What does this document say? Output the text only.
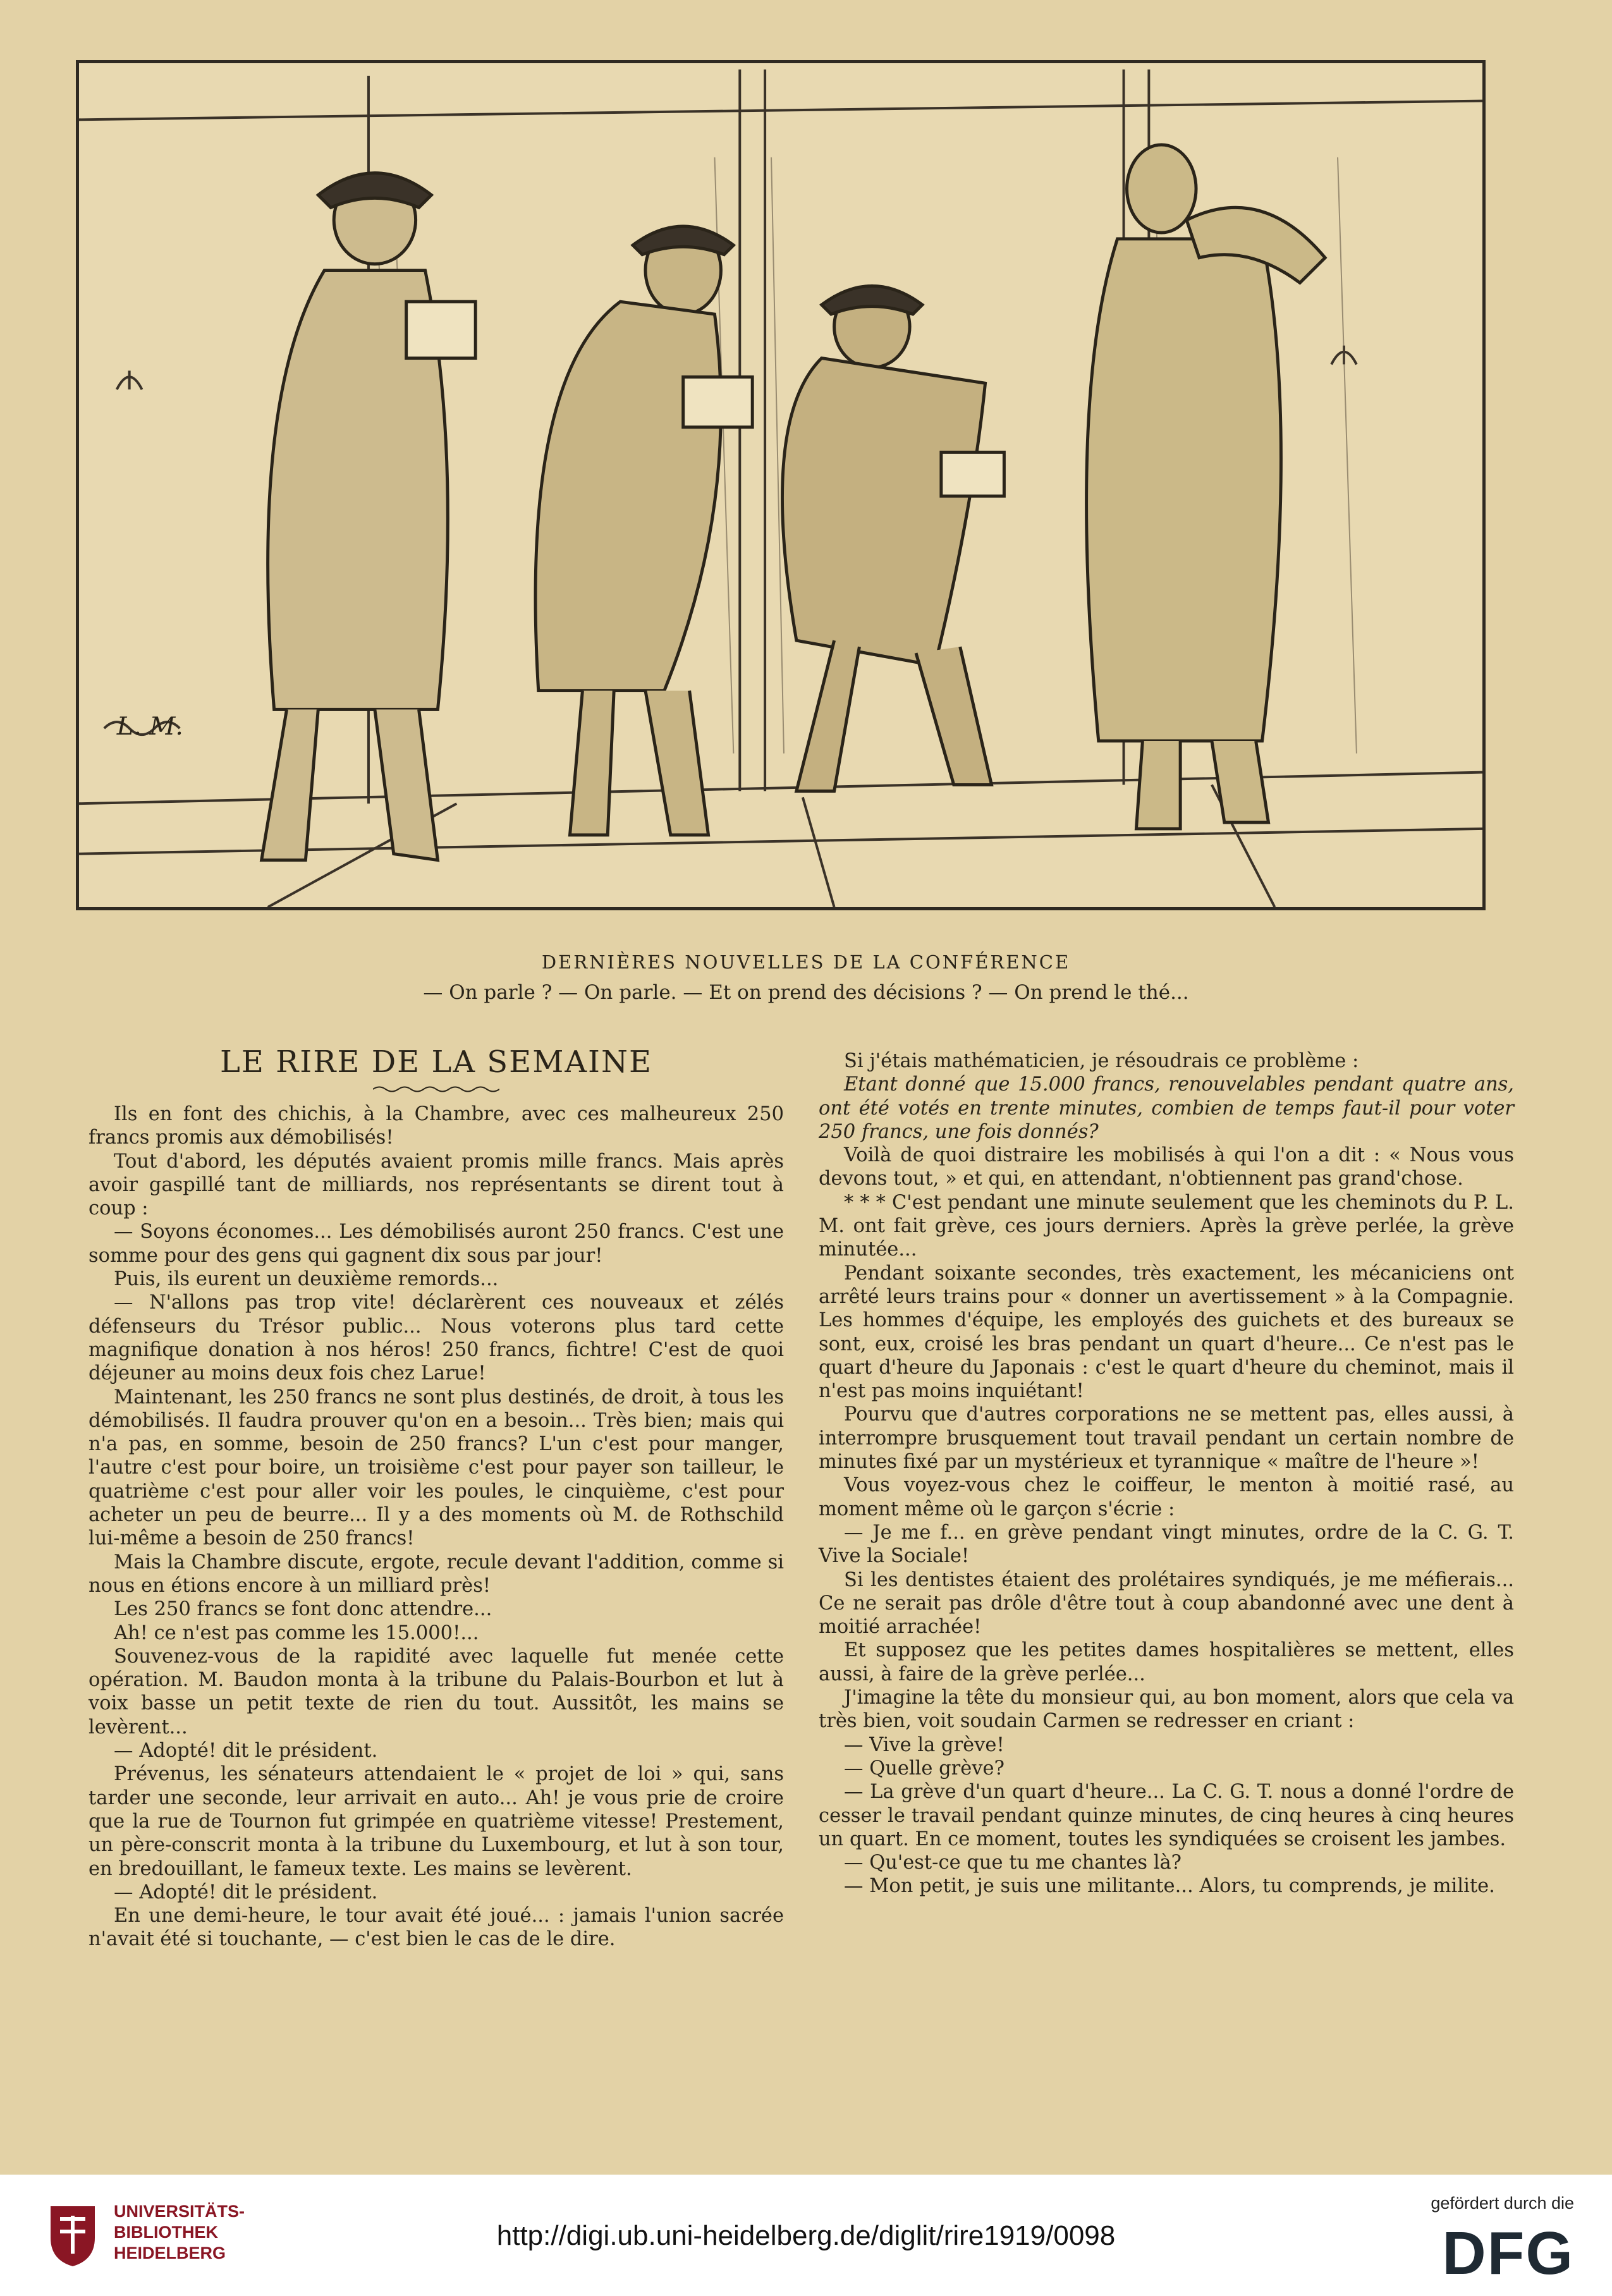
L. M.
DERNIÈRES NOUVELLES DE LA CONFÉRENCE
— On parle ? — On parle. — Et on prend des décisions ? — On prend le thé...
LE RIRE DE LA SEMAINE

Ils en font des chichis, à la Chambre, avec ces malheureux 250 francs promis aux démobilisés!

Tout d'abord, les députés avaient promis mille francs. Mais après avoir gaspillé tant de milliards, nos représentants se dirent tout à coup :

— Soyons économes... Les démobilisés auront 250 francs. C'est une somme pour des gens qui gagnent dix sous par jour!

Puis, ils eurent un deuxième remords...

— N'allons pas trop vite! déclarèrent ces nouveaux et zélés défenseurs du Trésor public... Nous voterons plus tard cette magnifique donation à nos héros! 250 francs, fichtre! C'est de quoi déjeuner au moins deux fois chez Larue!

Maintenant, les 250 francs ne sont plus destinés, de droit, à tous les démobilisés. Il faudra prouver qu'on en a besoin... Très bien; mais qui n'a pas, en somme, besoin de 250 francs? L'un c'est pour manger, l'autre c'est pour boire, un troisième c'est pour payer son tailleur, le quatrième c'est pour aller voir les poules, le cinquième, c'est pour acheter un peu de beurre... Il y a des moments où M. de Rothschild lui-même a besoin de 250 francs!

Mais la Chambre discute, ergote, recule devant l'addition, comme si nous en étions encore à un milliard près!

Les 250 francs se font donc attendre...

Ah! ce n'est pas comme les 15.000!...

Souvenez-vous de la rapidité avec laquelle fut menée cette opération. M. Baudon monta à la tribune du Palais-Bourbon et lut à voix basse un petit texte de rien du tout. Aussitôt, les mains se levèrent...

— Adopté! dit le président.

Prévenus, les sénateurs attendaient le « projet de loi » qui, sans tarder une seconde, leur arrivait en auto... Ah! je vous prie de croire que la rue de Tournon fut grimpée en quatrième vitesse! Prestement, un père-conscrit monta à la tribune du Luxembourg, et lut à son tour, en bredouillant, le fameux texte. Les mains se levèrent.

— Adopté! dit le président.

En une demi-heure, le tour avait été joué... : jamais l'union sacrée n'avait été si touchante, — c'est bien le cas de le dire.

Si j'étais mathématicien, je résoudrais ce problème :

Etant donné que 15.000 francs, renouvelables pendant quatre ans, ont été votés en trente minutes, combien de temps faut-il pour voter 250 francs, une fois donnés?

Voilà de quoi distraire les mobilisés à qui l'on a dit : « Nous vous devons tout, » et qui, en attendant, n'obtiennent pas grand'chose.

* * * C'est pendant une minute seulement que les cheminots du P. L. M. ont fait grève, ces jours derniers. Après la grève perlée, la grève minutée...

Pendant soixante secondes, très exactement, les mécaniciens ont arrêté leurs trains pour « donner un avertissement » à la Compagnie. Les hommes d'équipe, les employés des guichets et des bureaux se sont, eux, croisé les bras pendant un quart d'heure... Ce n'est pas le quart d'heure du Japonais : c'est le quart d'heure du cheminot, mais il n'est pas moins inquiétant!

Pourvu que d'autres corporations ne se mettent pas, elles aussi, à interrompre brusquement tout travail pendant un certain nombre de minutes fixé par un mystérieux et tyrannique « maître de l'heure »!

Vous voyez-vous chez le coiffeur, le menton à moitié rasé, au moment même où le garçon s'écrie :

— Je me f... en grève pendant vingt minutes, ordre de la C. G. T. Vive la Sociale!

Si les dentistes étaient des prolétaires syndiqués, je me méfierais... Ce ne serait pas drôle d'être tout à coup abandonné avec une dent à moitié arrachée!

Et supposez que les petites dames hospitalières se mettent, elles aussi, à faire de la grève perlée...

J'imagine la tête du monsieur qui, au bon moment, alors que cela va très bien, voit soudain Carmen se redresser en criant :

— Vive la grève!

— Quelle grève?

— La grève d'un quart d'heure... La C. G. T. nous a donné l'ordre de cesser le travail pendant quinze minutes, de cinq heures à cinq heures un quart. En ce moment, toutes les syndiquées se croisent les jambes.

— Qu'est-ce que tu me chantes là?

— Mon petit, je suis une militante... Alors, tu comprends, je milite.

UNIVERSITÄTS-
BIBLIOTHEK
HEIDELBERG
http://digi.ub.uni-heidelberg.de/diglit/rire1919/0098
gefördert durch die
DFG
